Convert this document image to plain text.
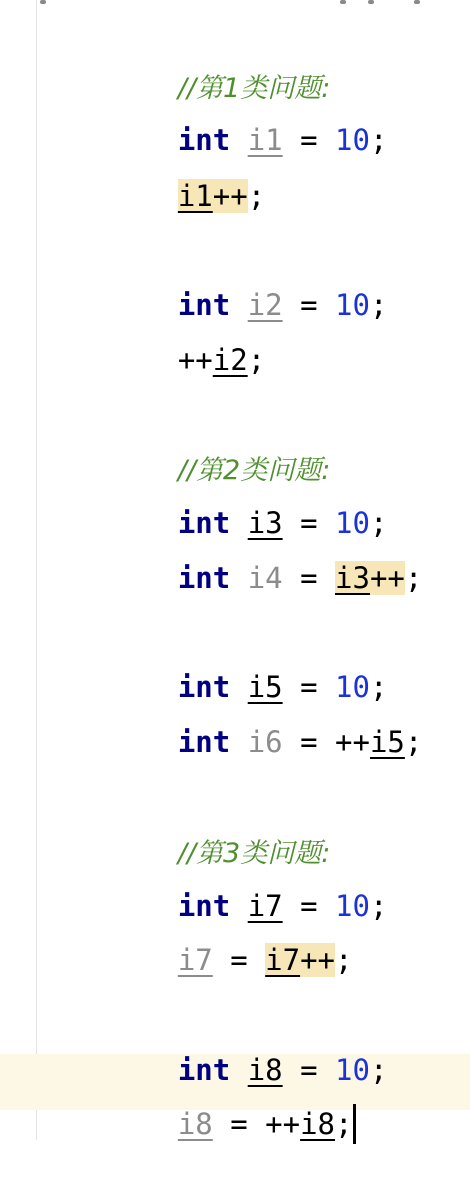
//第1类问题:

int i1 = 10;

i1++;

int i2 = 10;

++i2;

//第2类问题:

int i3 = 10;

int i4 = i3++;

int i5 = 10;

int i6 = ++i5;

//第3类问题:

int i7 = 10;

i7 = i7++;

int i8 = 10;

i8 = ++i8;
